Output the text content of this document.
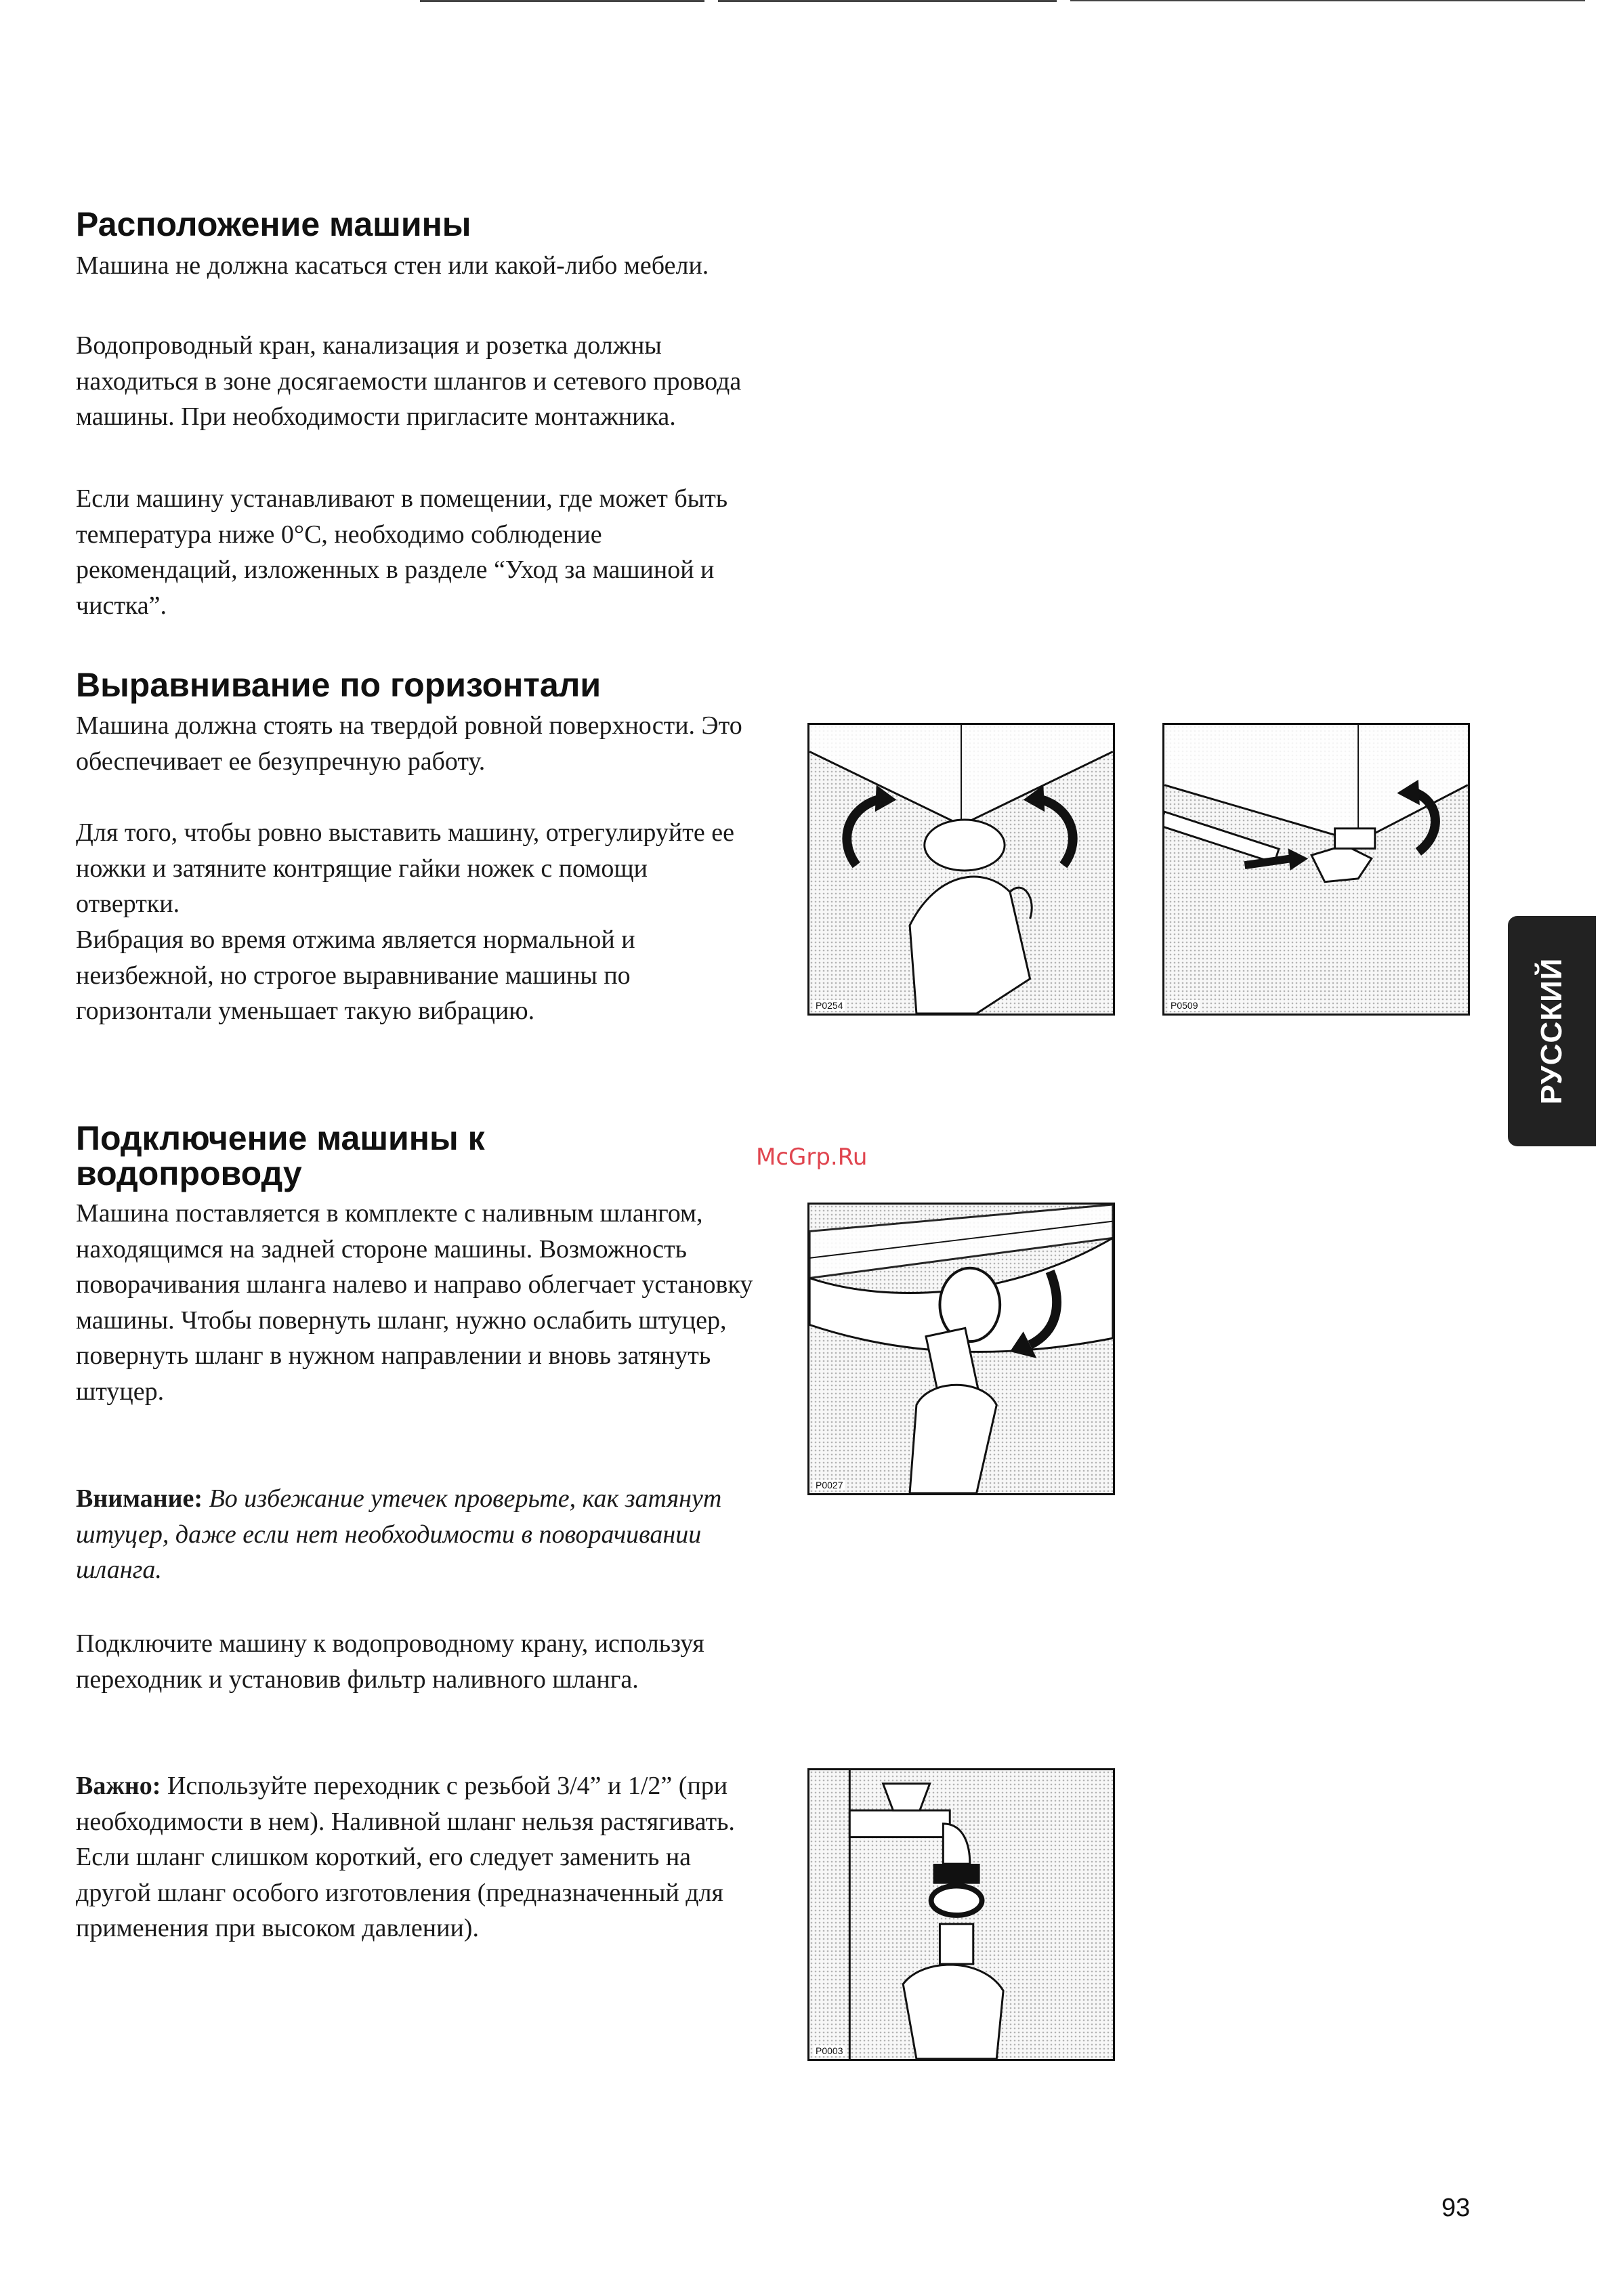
Расположение машины

Машина не должна касаться стен или какой-либо мебели.

Водопроводный кран, канализация и розетка должны находиться в зоне досягаемости шлангов и сетевого провода машины. При необходимости пригласите монтажника.

Если машину устанавливают в помещении, где может быть температура ниже 0°С, необходимо соблюдение рекомендаций, изложенных в разделе “Уход за машиной и чистка”.

Выравнивание по горизонтали

Машина должна стоять на твердой ровной поверхности. Это обеспечивает ее безупречную работу.

Для того, чтобы ровно выставить машину, отрегулируйте ее ножки и затяните контрящие гайки ножек с помощи отвертки.

Вибрация во время отжима является нормальной и неизбежной, но строгое выравнивание машины по горизонтали уменьшает такую вибрацию.

Подключение машины к
водопроводу

Машина поставляется в комплекте с наливным шлангом, находящимся на задней стороне машины. Возможность поворачивания шланга налево и направо облегчает установку машины. Чтобы повернуть шланг, нужно ослабить штуцер, повернуть шланг в нужном направлении и вновь затянуть штуцер.

Внимание: Во избежание утечек проверьте, как затянут штуцер, даже если нет необходимости в поворачивании шланга.

Подключите машину к водопроводному крану, используя переходник и установив фильтр наливного шланга.

Важно: Используйте переходник с резьбой 3/4” и 1/2” (при необходимости в нем). Наливной шланг нельзя растягивать. Если шланг слишком короткий, его следует заменить на другой шланг особого изготовления (предназначенный для применения при высоком давлении).

P0254	P0509
P0027
P0003
РУССКИЙ

McGrp.Ru

93
